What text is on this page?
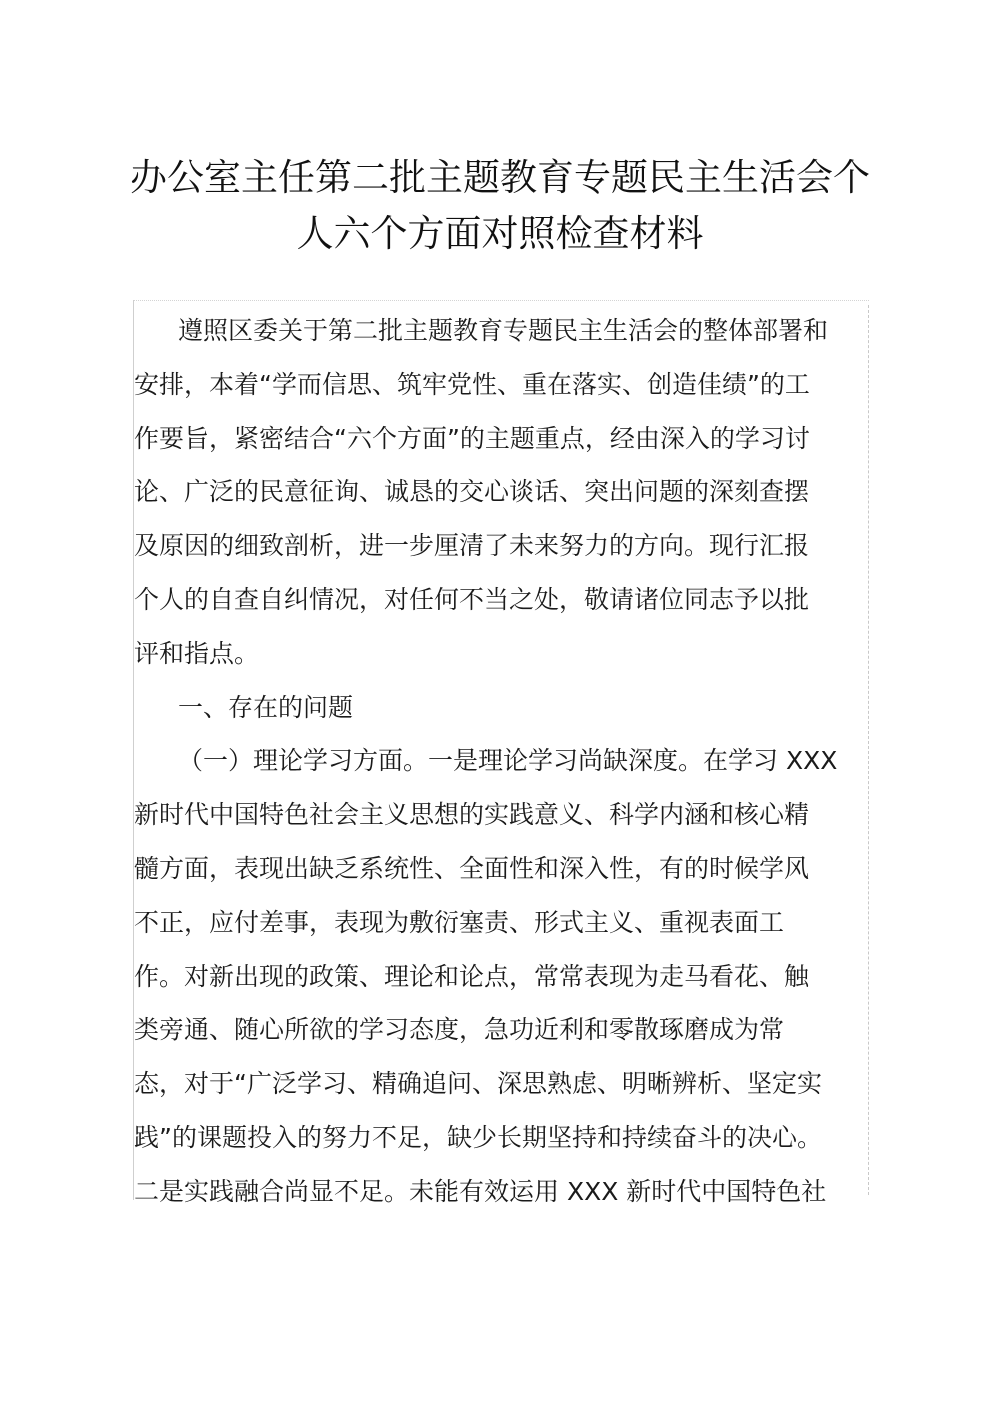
办公室主任第二批主题教育专题民主生活会个
人六个方面对照检查材料
遵照区委关于第二批主题教育专题民主生活会的整体部署和
安排，本着“学而信思、筑牢党性、重在落实、创造佳绩”的工
作要旨，紧密结合“六个方面”的主题重点，经由深入的学习讨
论、广泛的民意征询、诚恳的交心谈话、突出问题的深刻查摆
及原因的细致剖析，进一步厘清了未来努力的方向。现行汇报
个人的自查自纠情况，对任何不当之处，敬请诸位同志予以批
评和指点。
一、存在的问题
（一）理论学习方面。一是理论学习尚缺深度。在学习 XXX
新时代中国特色社会主义思想的实践意义、科学内涵和核心精
髓方面，表现出缺乏系统性、全面性和深入性，有的时候学风
不正，应付差事，表现为敷衍塞责、形式主义、重视表面工
作。对新出现的政策、理论和论点，常常表现为走马看花、触
类旁通、随心所欲的学习态度，急功近利和零散琢磨成为常
态，对于“广泛学习、精确追问、深思熟虑、明晰辨析、坚定实
践”的课题投入的努力不足，缺少长期坚持和持续奋斗的决心。
二是实践融合尚显不足。未能有效运用 XXX 新时代中国特色社
